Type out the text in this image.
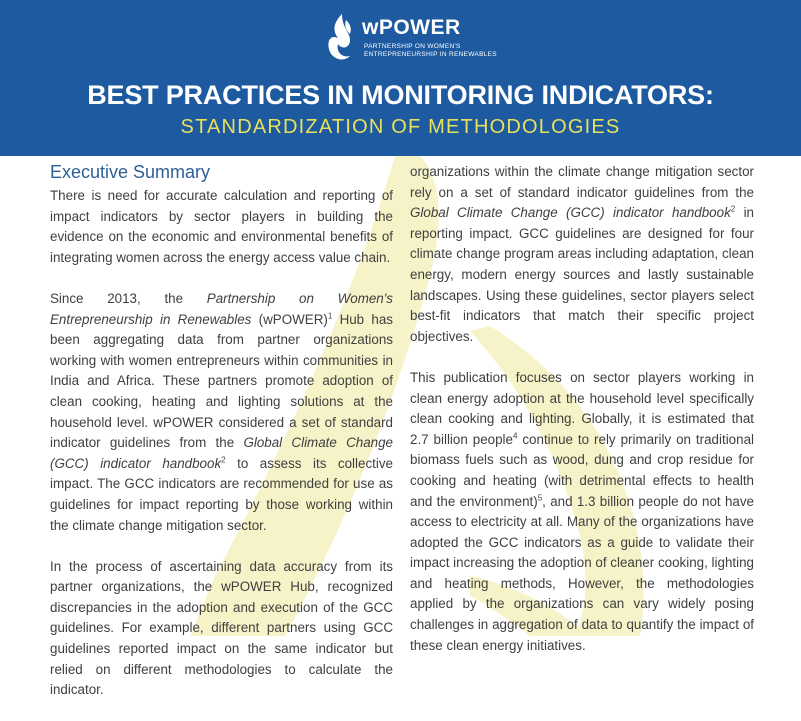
wPOWER
PARTNERSHIP ON WOMEN'S
ENTREPRENEURSHIP IN RENEWABLES
BEST PRACTICES IN MONITORING INDICATORS:
STANDARDIZATION OF METHODOLOGIES
Executive Summary

There is need for accurate calculation and reporting of impact indicators by sector players in building the evidence on the economic and environmental benefits of integrating women across the energy access value chain.

Since 2013, the Partnership on Women's Entrepreneurship in Renewables (wPOWER)$^1$ Hub has been aggregating data from partner organizations working with women entrepreneurs within communities in India and Africa. These partners promote adoption of clean cooking, heating and lighting solutions at the household level. wPOWER considered a set of standard indicator guidelines from the Global Climate Change (GCC) indicator handbook$^2$ to assess its collective impact. The GCC indicators are recommended for use as guidelines for impact reporting by those working within the climate change mitigation sector.

In the process of ascertaining data accuracy from its partner organizations, the wPOWER Hub, recognized discrepancies in the adoption and execution of the GCC guidelines. For example, different partners using GCC guidelines reported impact on the same indicator but relied on different methodologies to calculate the indicator.

organizations within the climate change mitigation sector rely on a set of standard indicator guidelines from the Global Climate Change (GCC) indicator handbook$^2$ in reporting impact. GCC guidelines are designed for four climate change program areas including adaptation, clean energy, modern energy sources and lastly sustainable landscapes. Using these guidelines, sector players select best-fit indicators that match their specific project objectives.

This publication focuses on sector players working in clean energy adoption at the household level specifically clean cooking and lighting. Globally, it is estimated that 2.7 billion people$^4$ continue to rely primarily on traditional biomass fuels such as wood, dung and crop residue for cooking and heating (with detrimental effects to health and the environment)$^5$, and 1.3 billion people do not have access to electricity at all. Many of the organizations have adopted the GCC indicators as a guide to validate their impact increasing the adoption of cleaner cooking, lighting and heating methods, However, the methodologies applied by the organizations can vary widely posing challenges in aggregation of data to quantify the impact of these clean energy initiatives.
